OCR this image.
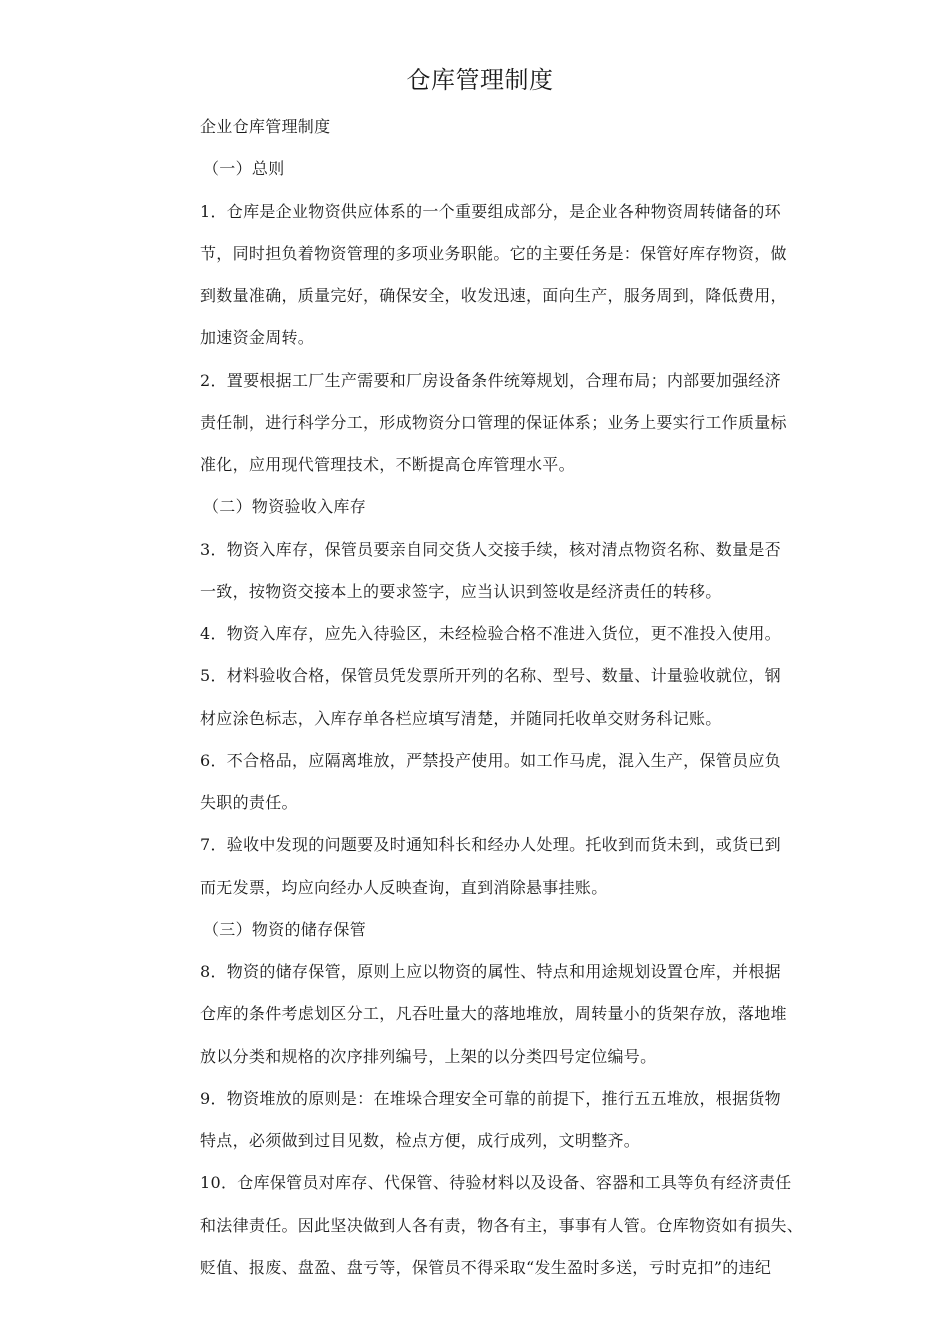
仓库管理制度
企业仓库管理制度
（一）总则
1．仓库是企业物资供应体系的一个重要组成部分，是企业各种物资周转储备的环
节，同时担负着物资管理的多项业务职能。它的主要任务是：保管好库存物资，做
到数量准确，质量完好，确保安全，收发迅速，面向生产，服务周到，降低费用，
加速资金周转。
2．置要根据工厂生产需要和厂房设备条件统筹规划，合理布局；内部要加强经济
责任制，进行科学分工，形成物资分口管理的保证体系；业务上要实行工作质量标
准化，应用现代管理技术，不断提高仓库管理水平。
（二）物资验收入库存
3．物资入库存，保管员要亲自同交货人交接手续，核对清点物资名称、数量是否
一致，按物资交接本上的要求签字，应当认识到签收是经济责任的转移。
4．物资入库存，应先入待验区，未经检验合格不准进入货位，更不准投入使用。
5．材料验收合格，保管员凭发票所开列的名称、型号、数量、计量验收就位，钢
材应涂色标志，入库存单各栏应填写清楚，并随同托收单交财务科记账。
6．不合格品，应隔离堆放，严禁投产使用。如工作马虎，混入生产，保管员应负
失职的责任。
7．验收中发现的问题要及时通知科长和经办人处理。托收到而货未到，或货已到
而无发票，均应向经办人反映查询，直到消除悬事挂账。
（三）物资的储存保管
8．物资的储存保管，原则上应以物资的属性、特点和用途规划设置仓库，并根据
仓库的条件考虑划区分工，凡吞吐量大的落地堆放，周转量小的货架存放，落地堆
放以分类和规格的次序排列编号，上架的以分类四号定位编号。
9．物资堆放的原则是：在堆垛合理安全可靠的前提下，推行五五堆放，根据货物
特点，必须做到过目见数，检点方便，成行成列，文明整齐。
10．仓库保管员对库存、代保管、待验材料以及设备、容器和工具等负有经济责任
和法律责任。因此坚决做到人各有责，物各有主，事事有人管。仓库物资如有损失、
贬值、报废、盘盈、盘亏等，保管员不得采取“发生盈时多送，亏时克扣”的违纪
